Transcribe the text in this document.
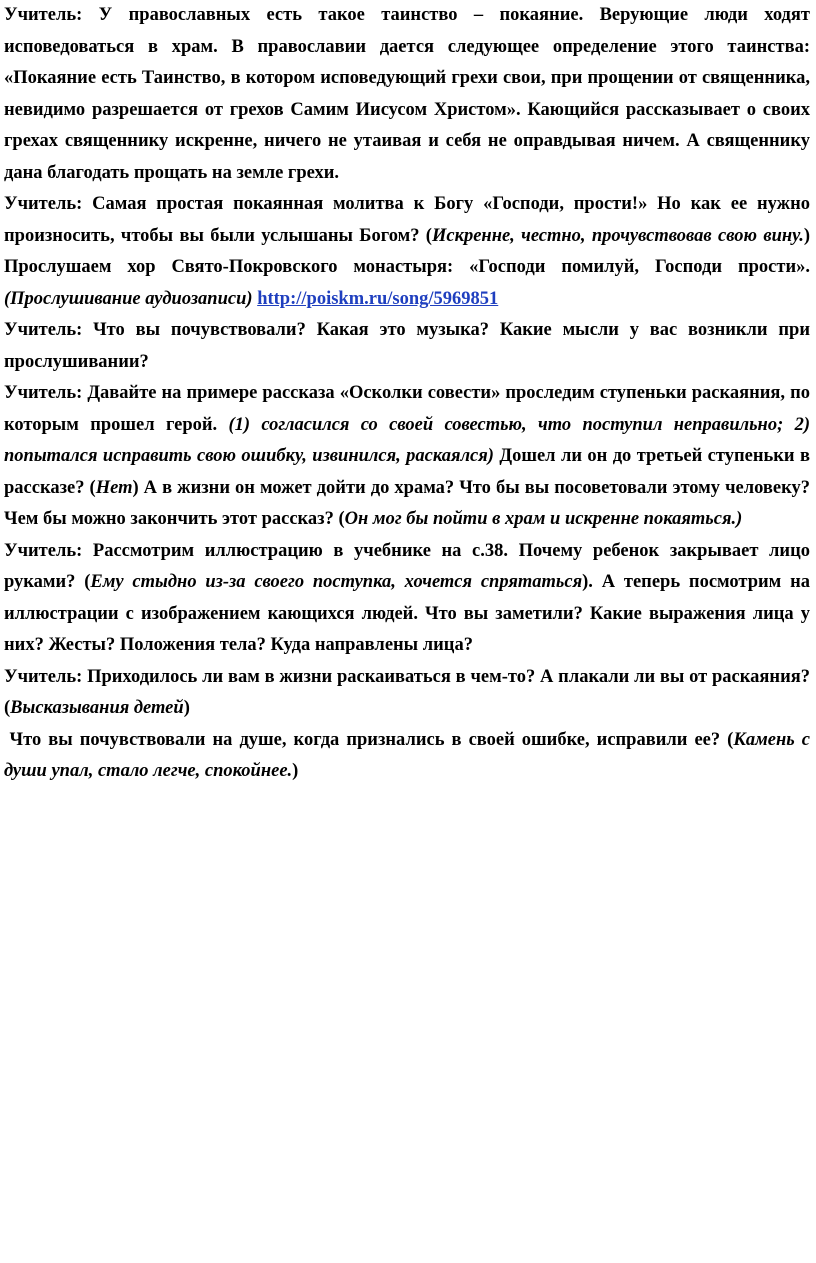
Учитель: У православных есть такое таинство – покаяние. Верующие люди ходят исповедоваться в храм. В православии дается следующее определение этого таинства: «Покаяние есть Таинство, в котором исповедующий грехи свои, при прощении от священника, невидимо разрешается от грехов Самим Иисусом Христом». Кающийся рассказывает о своих грехах священнику искренне, ничего не утаивая и себя не оправдывая ничем. А священнику дана благодать прощать на земле грехи.

Учитель: Самая простая покаянная молитва к Богу «Господи, прости!» Но как ее нужно произносить, чтобы вы были услышаны Богом? (Искренне, честно, прочувствовав свою вину.) Прослушаем хор Свято-Покровского монастыря: «Господи помилуй, Господи прости». (Прослушивание аудиозаписи) http://poiskm.ru/song/5969851

Учитель: Что вы почувствовали? Какая это музыка? Какие мысли у вас возникли при прослушивании?

Учитель: Давайте на примере рассказа «Осколки совести» проследим ступеньки раскаяния, по которым прошел герой. (1) согласился со своей совестью, что поступил неправильно; 2) попытался исправить свою ошибку, извинился, раскаялся) Дошел ли он до третьей ступеньки в рассказе? (Нет) А в жизни он может дойти до храма? Что бы вы посоветовали этому человеку? Чем бы можно закончить этот рассказ? (Он мог бы пойти в храм и искренне покаяться.)

Учитель: Рассмотрим иллюстрацию в учебнике на с.38. Почему ребенок закрывает лицо руками? (Ему стыдно из-за своего поступка, хочется спрятаться). А теперь посмотрим на иллюстрации с изображением кающихся людей. Что вы заметили? Какие выражения лица у них? Жесты? Положения тела? Куда направлены лица?

Учитель: Приходилось ли вам в жизни раскаиваться в чем-то? А плакали ли вы от раскаяния? (Высказывания детей)

Что вы почувствовали на душе, когда признались в своей ошибке, исправили ее? (Камень с души упал, стало легче, спокойнее.)
